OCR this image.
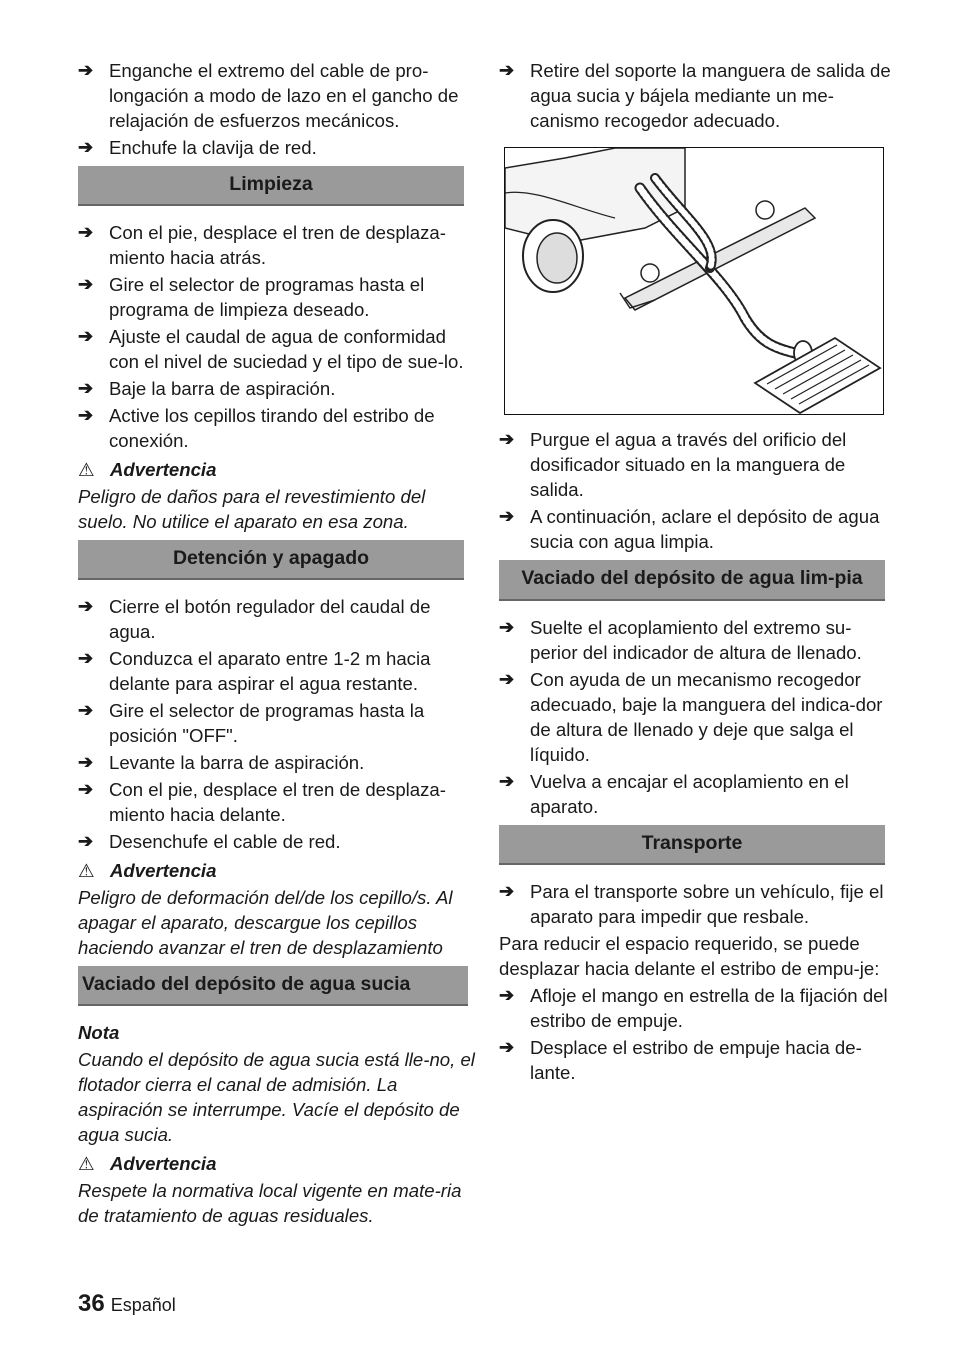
➔ Enganche el extremo del cable de pro-longación a modo de lazo en el gancho de relajación de esfuerzos mecánicos.
➔ Enchufe la clavija de red.
Limpieza
➔ Con el pie, desplace el tren de desplaza-miento hacia atrás.
➔ Gire el selector de programas hasta el programa de limpieza deseado.
➔ Ajuste el caudal de agua de conformidad con el nivel de suciedad y el tipo de sue-lo.
➔ Baje la barra de aspiración.
➔ Active los cepillos tirando del estribo de conexión.
⚠ Advertencia
Peligro de daños para el revestimiento del suelo. No utilice el aparato en esa zona.
Detención y apagado
➔ Cierre el botón regulador del caudal de agua.
➔ Conduzca el aparato entre 1-2 m hacia delante para aspirar el agua restante.
➔ Gire el selector de programas hasta la posición "OFF".
➔ Levante la barra de aspiración.
➔ Con el pie, desplace el tren de desplaza-miento hacia delante.
➔ Desenchufe el cable de red.
⚠ Advertencia
Peligro de deformación del/de los cepillo/s. Al apagar el aparato, descargue los cepillos haciendo avanzar el tren de desplazamiento
Vaciado del depósito de agua sucia
Nota
Cuando el depósito de agua sucia está lle-no, el flotador cierra el canal de admisión. La aspiración se interrumpe. Vacíe el depósito de agua sucia.
⚠ Advertencia
Respete la normativa local vigente en mate-ria de tratamiento de aguas residuales.
➔ Retire del soporte la manguera de salida de agua sucia y bájela mediante un me-canismo recogedor adecuado.
➔ Purgue el agua a través del orificio del dosificador situado en la manguera de salida.
➔ A continuación, aclare el depósito de agua sucia con agua limpia.
Vaciado del depósito de agua lim-pia
➔ Suelte el acoplamiento del extremo su-perior del indicador de altura de llenado.
➔ Con ayuda de un mecanismo recogedor adecuado, baje la manguera del indica-dor de altura de llenado y deje que salga el líquido.
➔ Vuelva a encajar el acoplamiento en el aparato.
Transporte
➔ Para el transporte sobre un vehículo, fije el aparato para impedir que resbale.
Para reducir el espacio requerido, se puede desplazar hacia delante el estribo de empu-je:
➔ Afloje el mango en estrella de la fijación del estribo de empuje.
➔ Desplace el estribo de empuje hacia de-lante.
36 Español
